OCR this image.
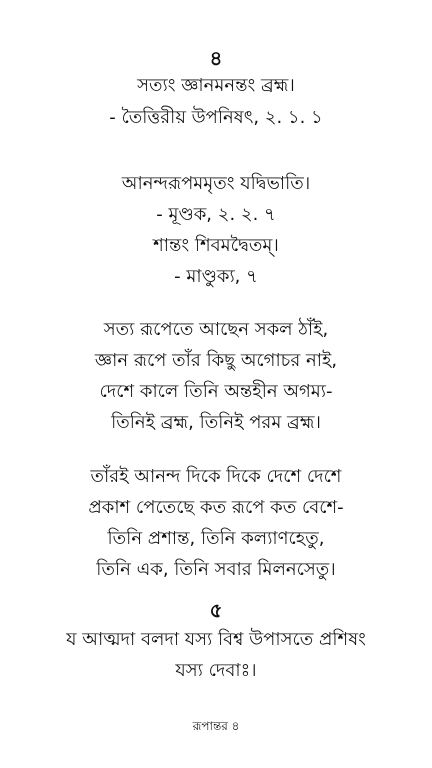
৪
সত্যং জ্ঞানমনন্তং ব্রহ্ম।
- তৈত্তিরীয় উপনিষৎ, ২. ১. ১
আনন্দরূপমমৃতং যদ্বিভাতি।
- মূণ্ডক, ২. ২. ৭
শান্তং শিবমদ্বৈতম্‌।
- মাণ্ডুক্য, ৭
সত্য রূপেতে আছেন সকল ঠাঁই,
জ্ঞান রূপে তাঁর কিছু অগোচর নাই,
দেশে কালে তিনি অন্তহীন অগম্য-
তিনিই ব্রহ্ম, তিনিই পরম ব্রহ্ম।
তাঁরই আনন্দ দিকে দিকে দেশে দেশে
প্রকাশ পেতেছে কত রূপে কত বেশে-
তিনি প্রশান্ত, তিনি কল্যাণহেতু,
তিনি এক, তিনি সবার মিলনসেতু।
৫
য আত্মদা বলদা যস্য বিশ্ব উপাসতে প্রশিষং
যস্য দেবাঃ।
রূপান্তর ৪
